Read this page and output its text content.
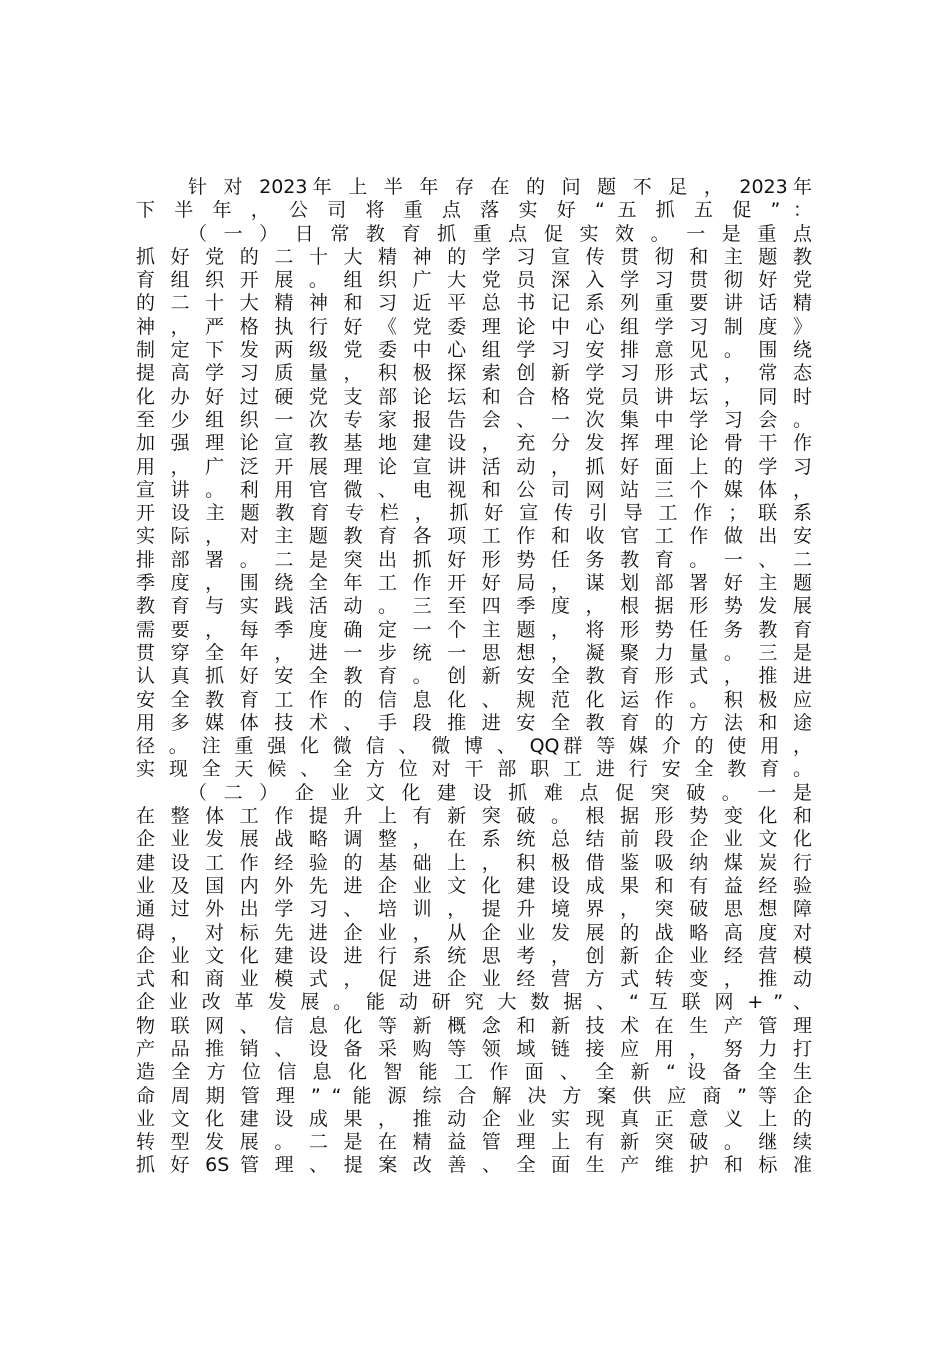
针 对 2023年 上 半 年 存 在 的 问 题 不 足 ， 2023年
下 半 年 ， 公 司 将 重 点 落 实 好 “ 五 抓 五 促 ” ：
（ 一 ） 日 常 教 育 抓 重 点 促 实 效 。 一 是 重 点
抓 好 党 的 二 十 大 精 神 的 学 习 宣 传 贯 彻 和 主 题 教
育 组 织 开 展 。 组 织 广 大 党 员 深 入 学 习 贯 彻 好 党
的 二 十 大 精 神 和 习 近 平 总 书 记 系 列 重 要 讲 话 精
神 ， 严 格 执 行 好 《 党 委 理 论 中 心 组 学 习 制 度 》
制 定 下 发 两 级 党 委 中 心 组 学 习 安 排 意 见 。 围 绕
提 高 学 习 质 量 ， 积 极 探 索 创 新 学 习 形 式 ， 常 态
化 办 好 过 硬 党 支 部 论 坛 和 合 格 党 员 讲 坛 ， 同 时
至 少 组 织 一 次 专 家 报 告 会 、 一 次 集 中 学 习 会 。
加 强 理 论 宣 教 基 地 建 设 ， 充 分 发 挥 理 论 骨 干 作
用 ， 广 泛 开 展 理 论 宣 讲 活 动 ， 抓 好 面 上 的 学 习
宣 讲 。 利 用 官 微 、 电 视 和 公 司 网 站 三 个 媒 体 ，
开 设 主 题 教 育 专 栏 ， 抓 好 宣 传 引 导 工 作 ； 联 系
实 际 ， 对 主 题 教 育 各 项 工 作 和 收 官 工 作 做 出 安
排 部 署 。 二 是 突 出 抓 好 形 势 任 务 教 育 。 一 、 二
季 度 ， 围 绕 全 年 工 作 开 好 局 ， 谋 划 部 署 好 主 题
教 育 与 实 践 活 动 。 三 至 四 季 度 ， 根 据 形 势 发 展
需 要 ， 每 季 度 确 定 一 个 主 题 ， 将 形 势 任 务 教 育
贯 穿 全 年 ， 进 一 步 统 一 思 想 ， 凝 聚 力 量 。 三 是
认 真 抓 好 安 全 教 育 。 创 新 安 全 教 育 形 式 ， 推 进
安 全 教 育 工 作 的 信 息 化 、 规 范 化 运 作 。 积 极 应
用 多 媒 体 技 术 、 手 段 推 进 安 全 教 育 的 方 法 和 途
径 。 注 重 强 化 微 信 、 微 博 、 QQ群 等 媒 介 的 使 用 ，
实 现 全 天 候 、 全 方 位 对 干 部 职 工 进 行 安 全 教 育 。
（ 二 ） 企 业 文 化 建 设 抓 难 点 促 突 破 。 一 是
在 整 体 工 作 提 升 上 有 新 突 破 。 根 据 形 势 变 化 和
企 业 发 展 战 略 调 整 ， 在 系 统 总 结 前 段 企 业 文 化
建 设 工 作 经 验 的 基 础 上 ， 积 极 借 鉴 吸 纳 煤 炭 行
业 及 国 内 外 先 进 企 业 文 化 建 设 成 果 和 有 益 经 验
通 过 外 出 学 习 、 培 训 ， 提 升 境 界 ， 突 破 思 想 障
碍 ， 对 标 先 进 企 业 ， 从 企 业 发 展 的 战 略 高 度 对
企 业 文 化 建 设 进 行 系 统 思 考 ， 创 新 企 业 经 营 模
式 和 商 业 模 式 ， 促 进 企 业 经 营 方 式 转 变 ， 推 动
企 业 改 革 发 展 。 能 动 研 究 大 数 据 、 “ 互 联 网 + ” 、
物 联 网 、 信 息 化 等 新 概 念 和 新 技 术 在 生 产 管 理
产 品 推 销 、 设 备 采 购 等 领 域 链 接 应 用 ， 努 力 打
造 全 方 位 信 息 化 智 能 工 作 面 、 全 新 “ 设 备 全 生
命 周 期 管 理 ” “ 能 源 综 合 解 决 方 案 供 应 商 ” 等 企
业 文 化 建 设 成 果 ， 推 动 企 业 实 现 真 正 意 义 上 的
转 型 发 展 。 二 是 在 精 益 管 理 上 有 新 突 破 。 继 续
抓 好 6S 管 理 、 提 案 改 善 、 全 面 生 产 维 护 和 标 准
